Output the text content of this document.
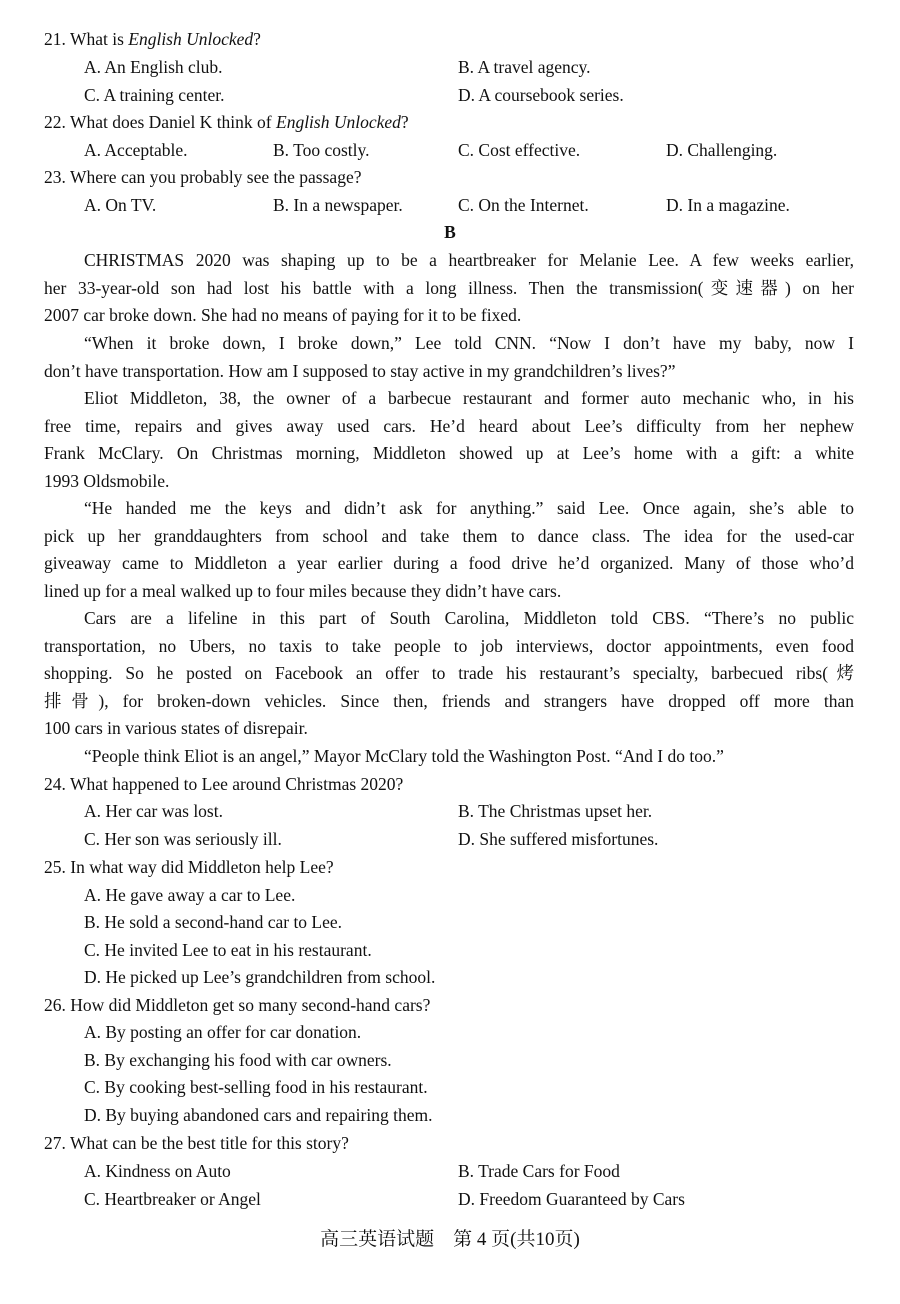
21. What is English Unlocked?
A. An English club.	B. A travel agency.
C. A training center.	D. A coursebook series.
22. What does Daniel K think of English Unlocked?
A. Acceptable.	B. Too costly.	C. Cost effective.	D. Challenging.
23. Where can you probably see the passage?
A. On TV.	B. In a newspaper.	C. On the Internet.	D. In a magazine.
B
CHRISTMAS 2020 was shaping up to be a heartbreaker for Melanie Lee. A few weeks earlier,
her 33-year-old son had lost his battle with a long illness. Then the transmission(变速器) on her
2007 car broke down. She had no means of paying for it to be fixed.
“When it broke down, I broke down,” Lee told CNN. “Now I don’t have my baby, now I
don’t have transportation. How am I supposed to stay active in my grandchildren’s lives?”
Eliot Middleton, 38, the owner of a barbecue restaurant and former auto mechanic who, in his
free time, repairs and gives away used cars. He’d heard about Lee’s difficulty from her nephew
Frank McClary. On Christmas morning, Middleton showed up at Lee’s home with a gift: a white
1993 Oldsmobile.
“He handed me the keys and didn’t ask for anything.” said Lee. Once again, she’s able to
pick up her granddaughters from school and take them to dance class. The idea for the used-car
giveaway came to Middleton a year earlier during a food drive he’d organized. Many of those who’d
lined up for a meal walked up to four miles because they didn’t have cars.
Cars are a lifeline in this part of South Carolina, Middleton told CBS. “There’s no public
transportation, no Ubers, no taxis to take people to job interviews, doctor appointments, even food
shopping. So he posted on Facebook an offer to trade his restaurant’s specialty, barbecued ribs(烤
排骨), for broken-down vehicles. Since then, friends and strangers have dropped off more than
100 cars in various states of disrepair.
“People think Eliot is an angel,” Mayor McClary told the Washington Post. “And I do too.”
24. What happened to Lee around Christmas 2020?
A. Her car was lost.	B. The Christmas upset her.
C. Her son was seriously ill.	D. She suffered misfortunes.
25. In what way did Middleton help Lee?
A. He gave away a car to Lee.
B. He sold a second-hand car to Lee.
C. He invited Lee to eat in his restaurant.
D. He picked up Lee’s grandchildren from school.
26. How did Middleton get so many second-hand cars?
A. By posting an offer for car donation.
B. By exchanging his food with car owners.
C. By cooking best-selling food in his restaurant.
D. By buying abandoned cars and repairing them.
27. What can be the best title for this story?
A. Kindness on Auto	B. Trade Cars for Food
C. Heartbreaker or Angel	D. Freedom Guaranteed by Cars
高三英语试题　第 4 页(共10页)
